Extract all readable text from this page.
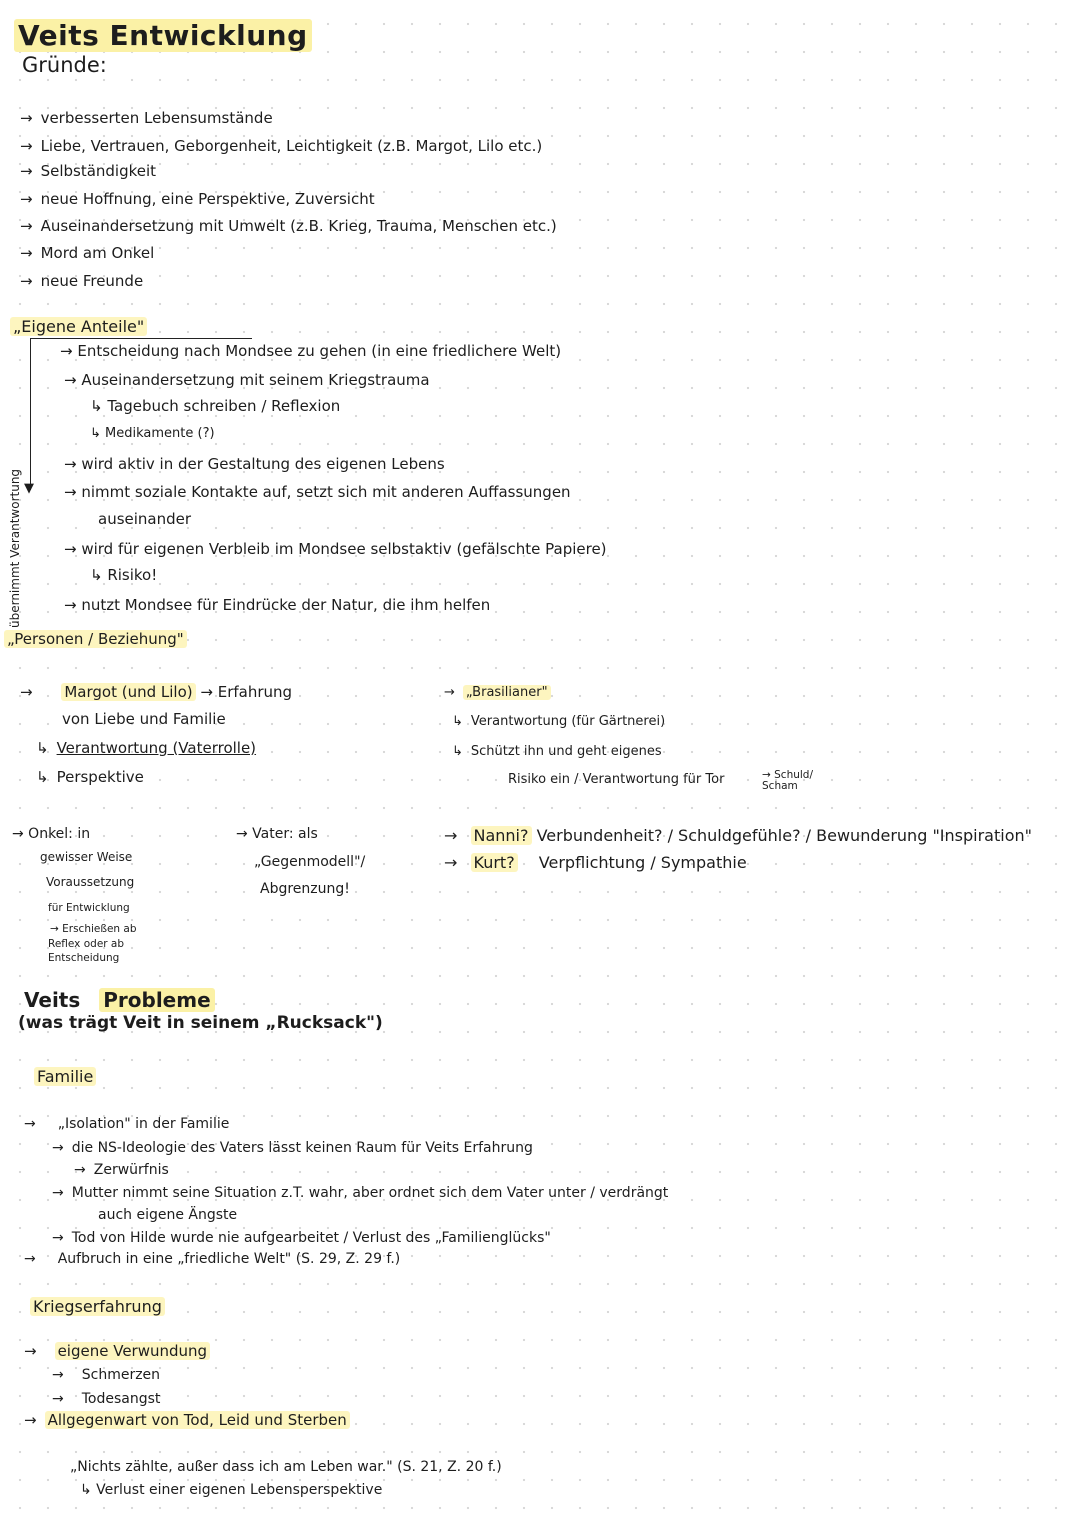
Veits Entwicklung
Gründe:
→ verbesserten Lebensumstände
→ Liebe, Vertrauen, Geborgenheit, Leichtigkeit (z.B. Margot, Lilo etc.)
→ Selbständigkeit
→ neue Hoffnung, eine Perspektive, Zuversicht
→ Auseinandersetzung mit Umwelt (z.B. Krieg, Trauma, Menschen etc.)
→ Mord am Onkel
→ neue Freunde
„Eigene Anteile"
▼
→ Entscheidung nach Mondsee zu gehen (in eine friedlichere Welt)
→ Auseinandersetzung mit seinem Kriegstrauma
↳ Tagebuch schreiben / Reflexion
↳ Medikamente (?)
→ wird aktiv in der Gestaltung des eigenen Lebens
→ nimmt soziale Kontakte auf, setzt sich mit anderen Auffassungen
auseinander
→ wird für eigenen Verbleib im Mondsee selbstaktiv (gefälschte Papiere)
↳ Risiko!
→ nutzt Mondsee für Eindrücke der Natur, die ihm helfen
übernimmt Verantwortung
„Personen / Beziehung"
→ Margot (und Lilo) → Erfahrung
von Liebe und Familie
↳ Verantwortung (Vaterrolle)
↳ Perspektive
→ „Brasilianer"
↳ Verantwortung (für Gärtnerei)
↳ Schützt ihn und geht eigenes
Risiko ein / Verantwortung für Tor	→ Schuld/ Scham
→ Onkel: in
gewisser Weise
Voraussetzung
für Entwicklung
→ Erschießen ab
Reflex oder ab
Entscheidung
→ Vater: als
„Gegenmodell"/
Abgrenzung!
→ Nanni? Verbundenheit? / Schuldgefühle? / Bewunderung "Inspiration"
→ Kurt? Verpflichtung / Sympathie
Veits Probleme
(was trägt Veit in seinem „Rucksack")
Familie
→ „Isolation" in der Familie
→ die NS-Ideologie des Vaters lässt keinen Raum für Veits Erfahrung
→ Zerwürfnis
→ Mutter nimmt seine Situation z.T. wahr, aber ordnet sich dem Vater unter / verdrängt
auch eigene Ängste
→ Tod von Hilde wurde nie aufgearbeitet / Verlust des „Familienglücks"
→ Aufbruch in eine „friedliche Welt" (S. 29, Z. 29 f.)
Kriegserfahrung
→ eigene Verwundung
→ Schmerzen
→ Todesangst
→ Allgegenwart von Tod, Leid und Sterben
„Nichts zählte, außer dass ich am Leben war." (S. 21, Z. 20 f.)
↳ Verlust einer eigenen Lebensperspektive
